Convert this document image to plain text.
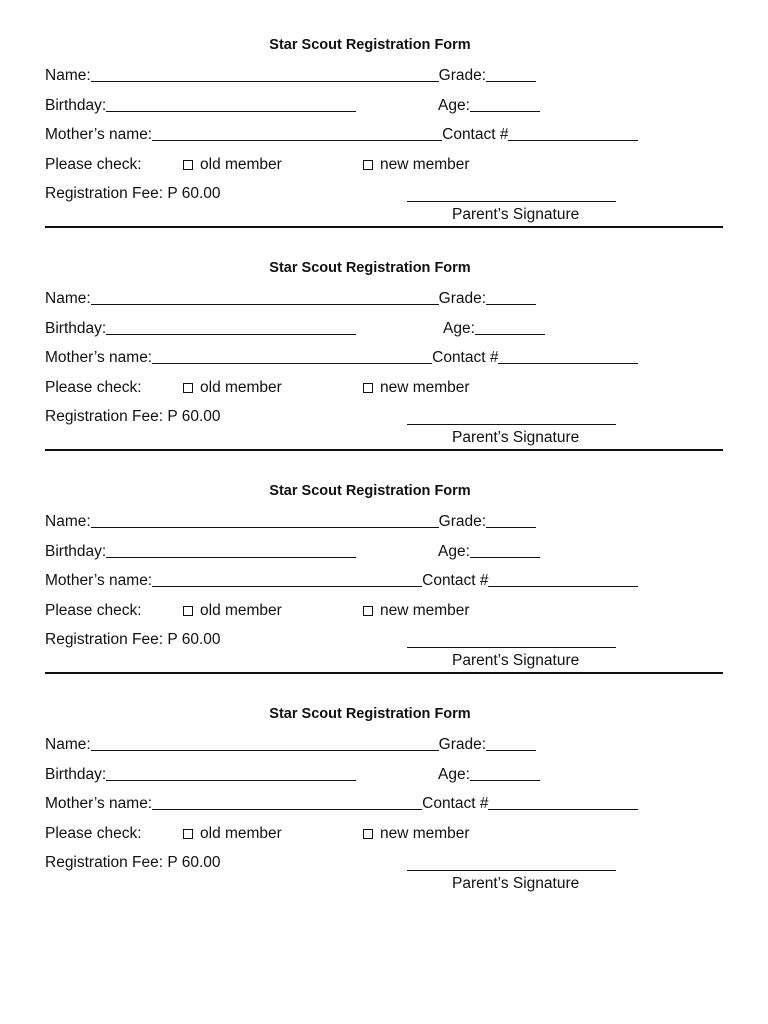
Star Scout Registration Form
Name:	Grade:
Birthday:	Age:
Mother’s name:	Contact #
Please check:	old member	new member
Registration Fee: P 60.00
Parent’s Signature
Star Scout Registration Form
Name:	Grade:
Birthday:	Age:
Mother’s name:	Contact #
Please check:	old member	new member
Registration Fee: P 60.00
Parent’s Signature
Star Scout Registration Form
Name:	Grade:
Birthday:	Age:
Mother’s name:	Contact #
Please check:	old member	new member
Registration Fee: P 60.00
Parent’s Signature
Star Scout Registration Form
Name:	Grade:
Birthday:	Age:
Mother’s name:	Contact #
Please check:	old member	new member
Registration Fee: P 60.00
Parent’s Signature
